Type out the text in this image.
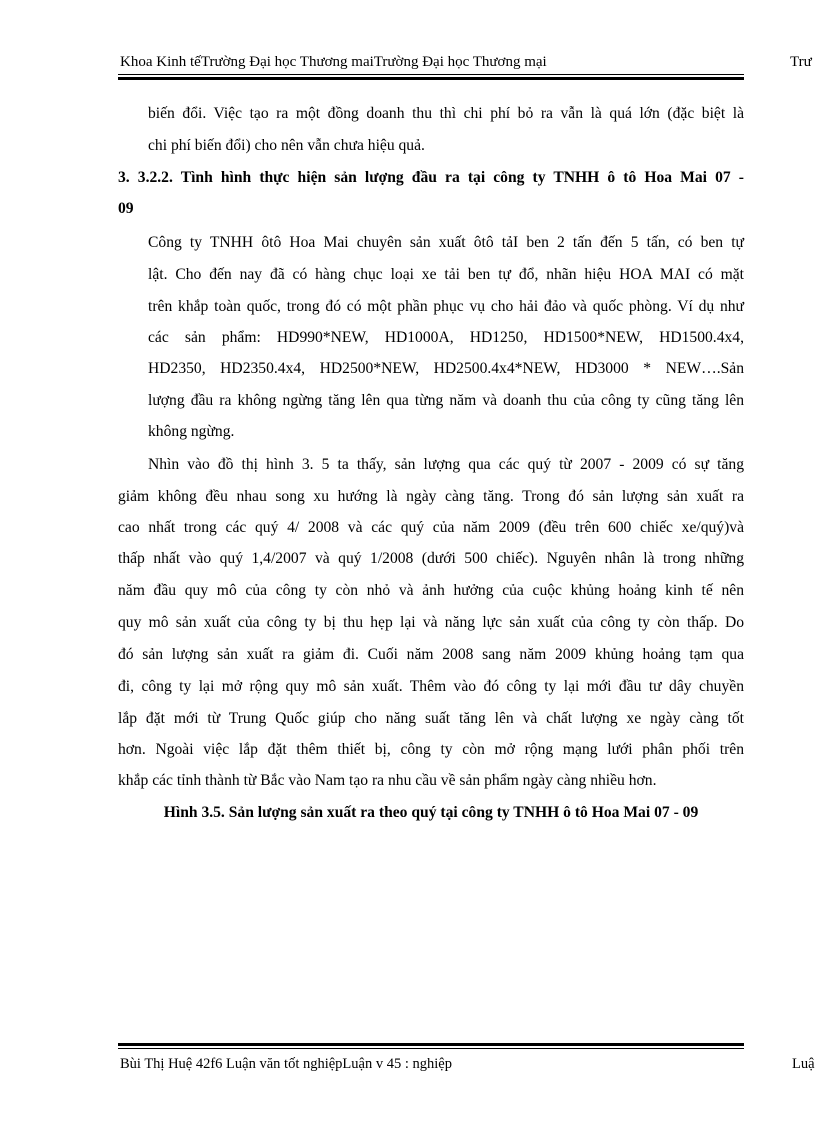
Khoa Kinh tếTrường Đại học Thương maiTrường Đại học Thương mại	Trư
biến đổi. Việc tạo ra một đồng doanh thu thì chi phí bỏ ra vẫn là quá lớn (đặc biệt là
chi phí biến đổi) cho nên vẫn chưa hiệu quả.
3. 3.2.2. Tình hình thực hiện sản lượng đầu ra tại công ty TNHH ô tô Hoa Mai 07 -
09
Công ty TNHH ôtô Hoa Mai chuyên sản xuất ôtô tảI ben 2 tấn đến 5 tấn, có ben tự
lật. Cho đến nay đã có hàng chục loại xe tải ben tự đổ, nhãn hiệu HOA MAI có mặt
trên khắp toàn quốc, trong đó có một phần phục vụ cho hải đảo và quốc phòng. Ví dụ như
các sản phẩm: HD990*NEW, HD1000A, HD1250, HD1500*NEW, HD1500.4x4,
HD2350, HD2350.4x4, HD2500*NEW, HD2500.4x4*NEW, HD3000 * NEW….Sản
lượng đầu ra không ngừng tăng lên qua từng năm và doanh thu của công ty cũng tăng lên
không ngừng.
Nhìn vào đồ thị hình 3. 5 ta thấy, sản lượng qua các quý từ 2007 - 2009 có sự tăng
giảm không đều nhau song xu hướng là ngày càng tăng. Trong đó sản lượng sản xuất ra
cao nhất trong các quý 4/ 2008 và các quý của năm 2009 (đều trên 600 chiếc xe/quý)và
thấp nhất vào quý 1,4/2007 và quý 1/2008 (dưới 500 chiếc). Nguyên nhân là trong những
năm đầu quy mô của công ty còn nhỏ và ảnh hưởng của cuộc khủng hoảng kinh tế nên
quy mô sản xuất của công ty bị thu hẹp lại và năng lực sản xuất của công ty còn thấp. Do
đó sản lượng sản xuất ra giảm đi. Cuối năm 2008 sang năm 2009 khủng hoảng tạm qua
đi, công ty lại mở rộng quy mô sản xuất. Thêm vào đó công ty lại mới đầu tư dây chuyền
lắp đặt mới từ Trung Quốc giúp cho năng suất tăng lên và chất lượng xe ngày càng tốt
hơn. Ngoài việc lắp đặt thêm thiết bị, công ty còn mở rộng mạng lưới phân phối trên
khắp các tỉnh thành từ Bắc vào Nam tạo ra nhu cầu về sản phẩm ngày càng nhiều hơn.
Hình 3.5. Sản lượng sản xuất ra theo quý tại công ty TNHH ô tô Hoa Mai 07 - 09
Bùi Thị Huệ 42f6 Luận văn tốt nghiệpLuận v 45 : nghiệp	Luậ
